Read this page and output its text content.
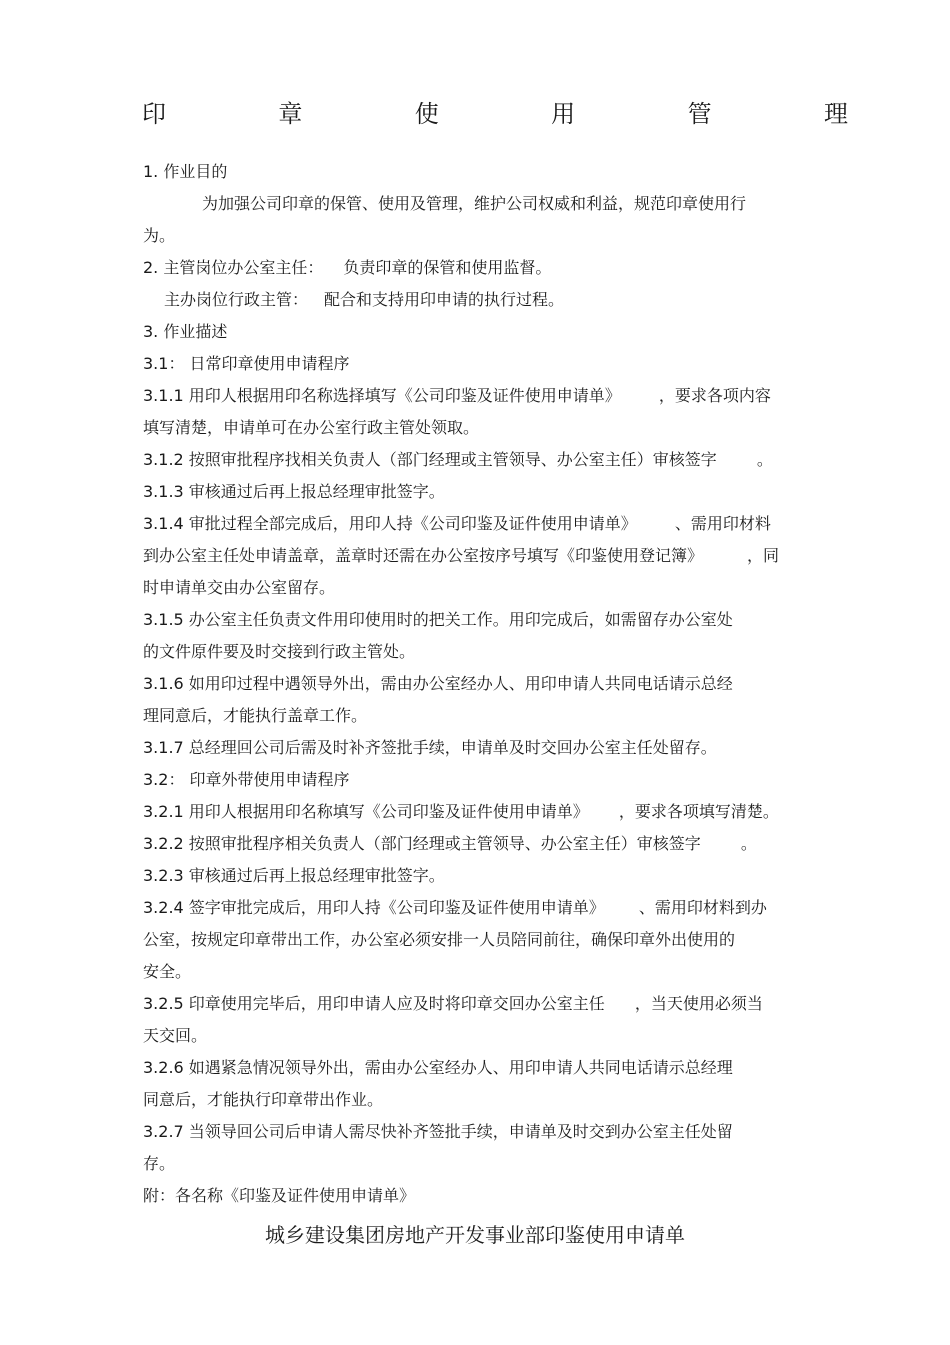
印	章	使	用	管	理
1. 作业目的
为加强公司印章的保管、使用及管理，维护公司权威和利益，规范印章使用行
为。
2. 主管岗位办公室主任： 负责印章的保管和使用监督。
主办岗位行政主管： 配合和支持用印申请的执行过程。
3. 作业描述
3.1： 日常印章使用申请程序
3.1.1 用印人根据用印名称选择填写《公司印鉴及证件使用申请单》 ，要求各项内容
填写清楚，申请单可在办公室行政主管处领取。
3.1.2 按照审批程序找相关负责人（部门经理或主管领导、办公室主任）审核签字	。
3.1.3 审核通过后再上报总经理审批签字。
3.1.4 审批过程全部完成后，用印人持《公司印鉴及证件使用申请单》 、需用印材料
到办公室主任处申请盖章，盖章时还需在办公室按序号填写《印鉴使用登记簿》	，同
时申请单交由办公室留存。
3.1.5 办公室主任负责文件用印使用时的把关工作。用印完成后，如需留存办公室处
的文件原件要及时交接到行政主管处。
3.1.6 如用印过程中遇领导外出，需由办公室经办人、用印申请人共同电话请示总经
理同意后，才能执行盖章工作。
3.1.7 总经理回公司后需及时补齐签批手续，申请单及时交回办公室主任处留存。
3.2： 印章外带使用申请程序
3.2.1 用印人根据用印名称填写《公司印鉴及证件使用申请单》 ，要求各项填写清楚。
3.2.2 按照审批程序相关负责人（部门经理或主管领导、办公室主任）审核签字	。
3.2.3 审核通过后再上报总经理审批签字。
3.2.4 签字审批完成后，用印人持《公司印鉴及证件使用申请单》 、需用印材料到办
公室，按规定印章带出工作，办公室必须安排一人员陪同前往，确保印章外出使用的
安全。
3.2.5 印章使用完毕后，用印申请人应及时将印章交回办公室主任 ，当天使用必须当
天交回。
3.2.6 如遇紧急情况领导外出，需由办公室经办人、用印申请人共同电话请示总经理
同意后，才能执行印章带出作业。
3.2.7 当领导回公司后申请人需尽快补齐签批手续，申请单及时交到办公室主任处留
存。
附：各名称《印鉴及证件使用申请单》
城乡建设集团房地产开发事业部印鉴使用申请单
